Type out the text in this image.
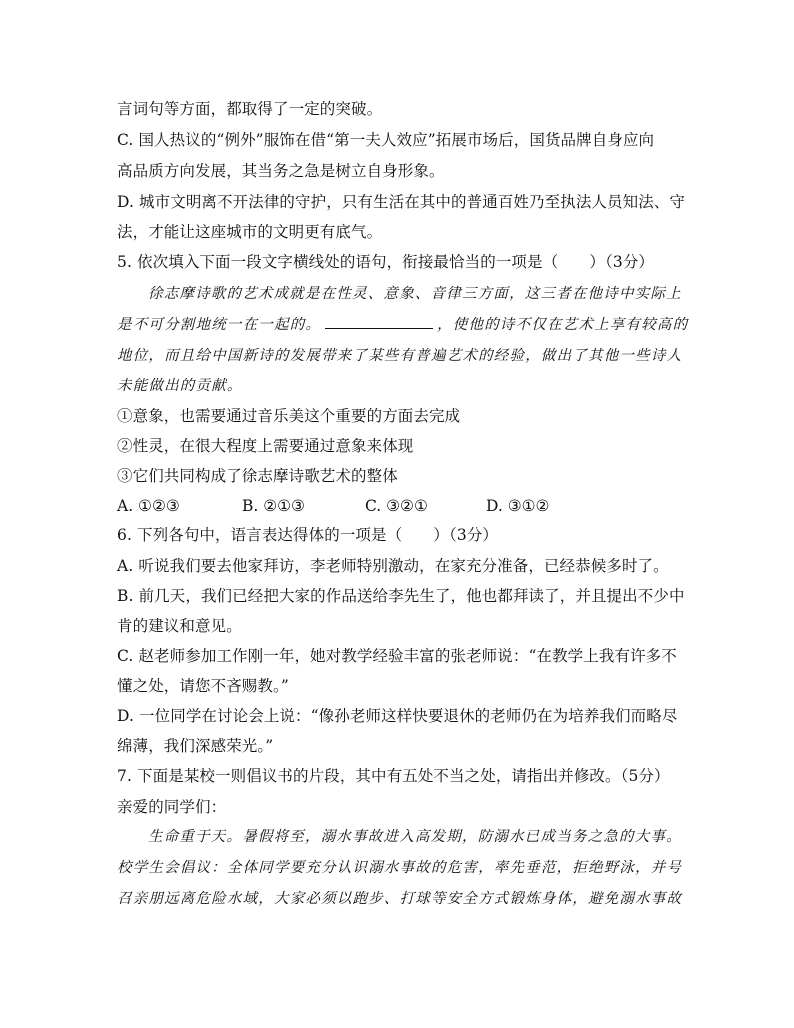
言词句等方面，都取得了一定的突破。
C. 国人热议的“例外”服饰在借“第一夫人效应”拓展市场后，国货品牌自身应向
高品质方向发展，其当务之急是树立自身形象。
D. 城市文明离不开法律的守护，只有生活在其中的普通百姓乃至执法人员知法、守
法，才能让这座城市的文明更有底气。
5. 依次填入下面一段文字横线处的语句，衔接最恰当的一项是（　　）（3分）
徐志摩诗歌的艺术成就是在性灵、意象、音律三方面，这三者在他诗中实际上
是不可分割地统一在一起的。	，使他的诗不仅在艺术上享有较高的
地位，而且给中国新诗的发展带来了某些有普遍艺术的经验，做出了其他一些诗人
未能做出的贡献。
①意象，也需要通过音乐美这个重要的方面去完成
②性灵，在很大程度上需要通过意象来体现
③它们共同构成了徐志摩诗歌艺术的整体
A. ①②③	B. ②①③	C. ③②①	D. ③①②
6. 下列各句中，语言表达得体的一项是（　　）（3分）
A. 听说我们要去他家拜访，李老师特别激动，在家充分准备，已经恭候多时了。
B. 前几天，我们已经把大家的作品送给李先生了，他也都拜读了，并且提出不少中
肯的建议和意见。
C. 赵老师参加工作刚一年，她对教学经验丰富的张老师说：“在教学上我有许多不
懂之处，请您不吝赐教。”
D. 一位同学在讨论会上说：“像孙老师这样快要退休的老师仍在为培养我们而略尽
绵薄，我们深感荣光。”
7. 下面是某校一则倡议书的片段，其中有五处不当之处，请指出并修改。（5分）
亲爱的同学们：
生命重于天。暑假将至，溺水事故进入高发期，防溺水已成当务之急的大事。
校学生会倡议：全体同学要充分认识溺水事故的危害，率先垂范，拒绝野泳，并号
召亲朋远离危险水域，大家必须以跑步、打球等安全方式锻炼身体，避免溺水事故
